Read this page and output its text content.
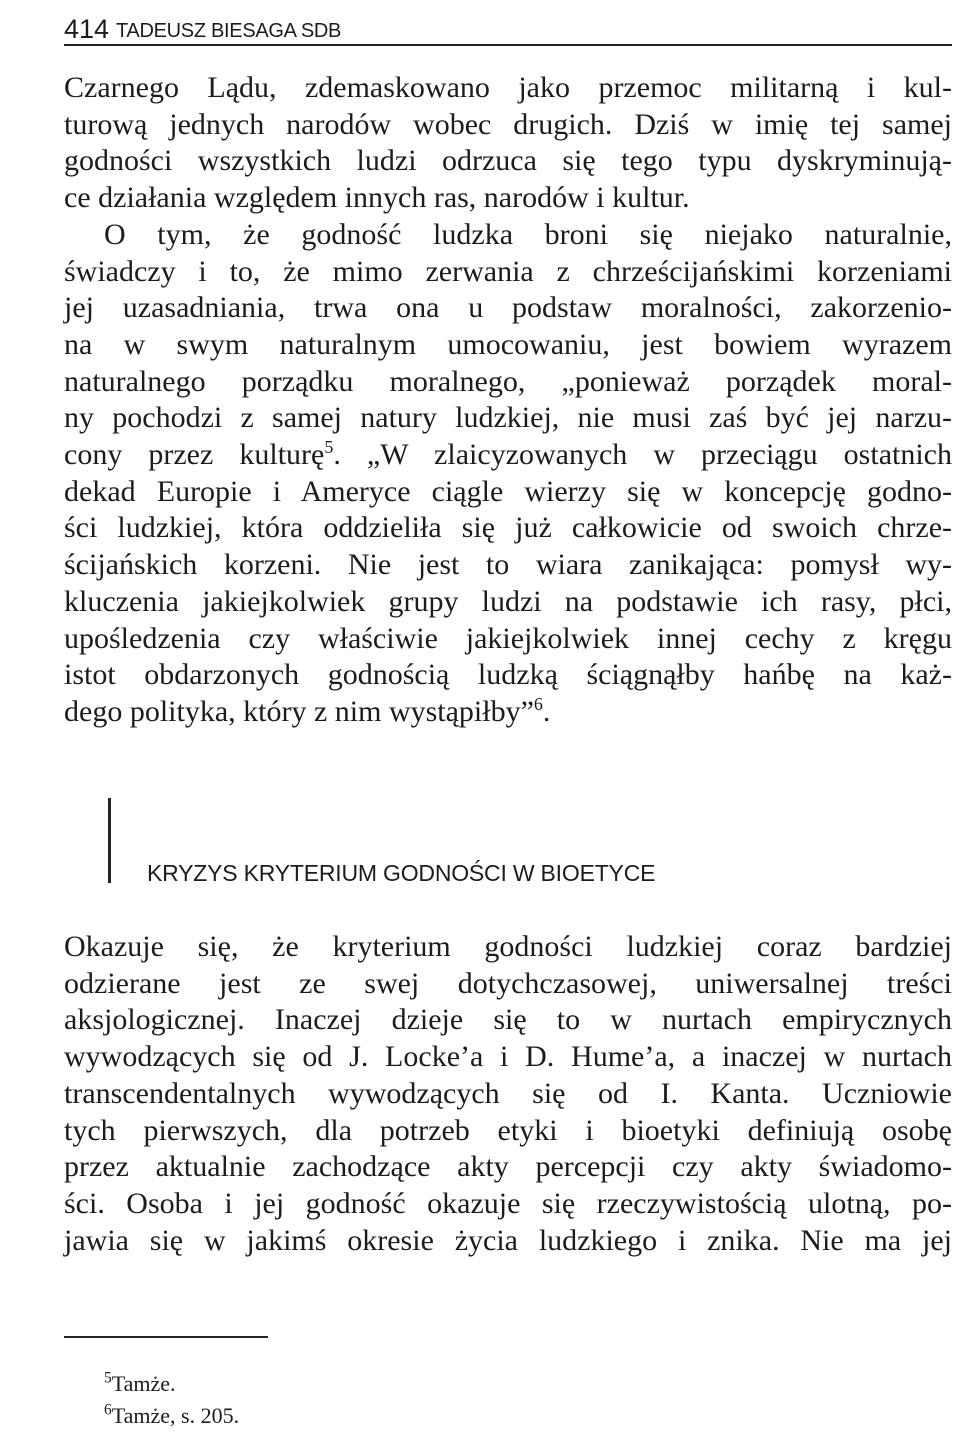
414 TADEUSZ BIESAGA SDB
Czarnego Lądu, zdemaskowano jako przemoc militarną i kul-
turową jednych narodów wobec drugich. Dziś w imię tej samej
godności wszystkich ludzi odrzuca się tego typu dyskryminują-
ce działania względem innych ras, narodów i kultur.
O tym, że godność ludzka broni się niejako naturalnie,
świadczy i to, że mimo zerwania z chrześcijańskimi korzeniami
jej uzasadniania, trwa ona u podstaw moralności, zakorzenio-
na w swym naturalnym umocowaniu, jest bowiem wyrazem
naturalnego porządku moralnego, „ponieważ porządek moral-
ny pochodzi z samej natury ludzkiej, nie musi zaś być jej narzu-
cony przez kulturę$^5$. „W zlaicyzowanych w przeciągu ostatnich
dekad Europie i Ameryce ciągle wierzy się w koncepcję godno-
ści ludzkiej, która oddzieliła się już całkowicie od swoich chrze-
ścijańskich korzeni. Nie jest to wiara zanikająca: pomysł wy-
kluczenia jakiejkolwiek grupy ludzi na podstawie ich rasy, płci,
upośledzenia czy właściwie jakiejkolwiek innej cechy z kręgu
istot obdarzonych godnością ludzką ściągnąłby hańbę na każ-
dego polityka, który z nim wystąpiłby”$^6$.
KRYZYS KRYTERIUM GODNOŚCI W BIOETYCE
Okazuje się, że kryterium godności ludzkiej coraz bardziej
odzierane jest ze swej dotychczasowej, uniwersalnej treści
aksjologicznej. Inaczej dzieje się to w nurtach empirycznych
wywodzących się od J. Locke’a i D. Hume’a, a inaczej w nurtach
transcendentalnych wywodzących się od I. Kanta. Uczniowie
tych pierwszych, dla potrzeb etyki i bioetyki definiują osobę
przez aktualnie zachodzące akty percepcji czy akty świadomo-
ści. Osoba i jej godność okazuje się rzeczywistością ulotną, po-
jawia się w jakimś okresie życia ludzkiego i znika. Nie ma jej
$^5$Tamże.
$^6$Tamże, s. 205.
